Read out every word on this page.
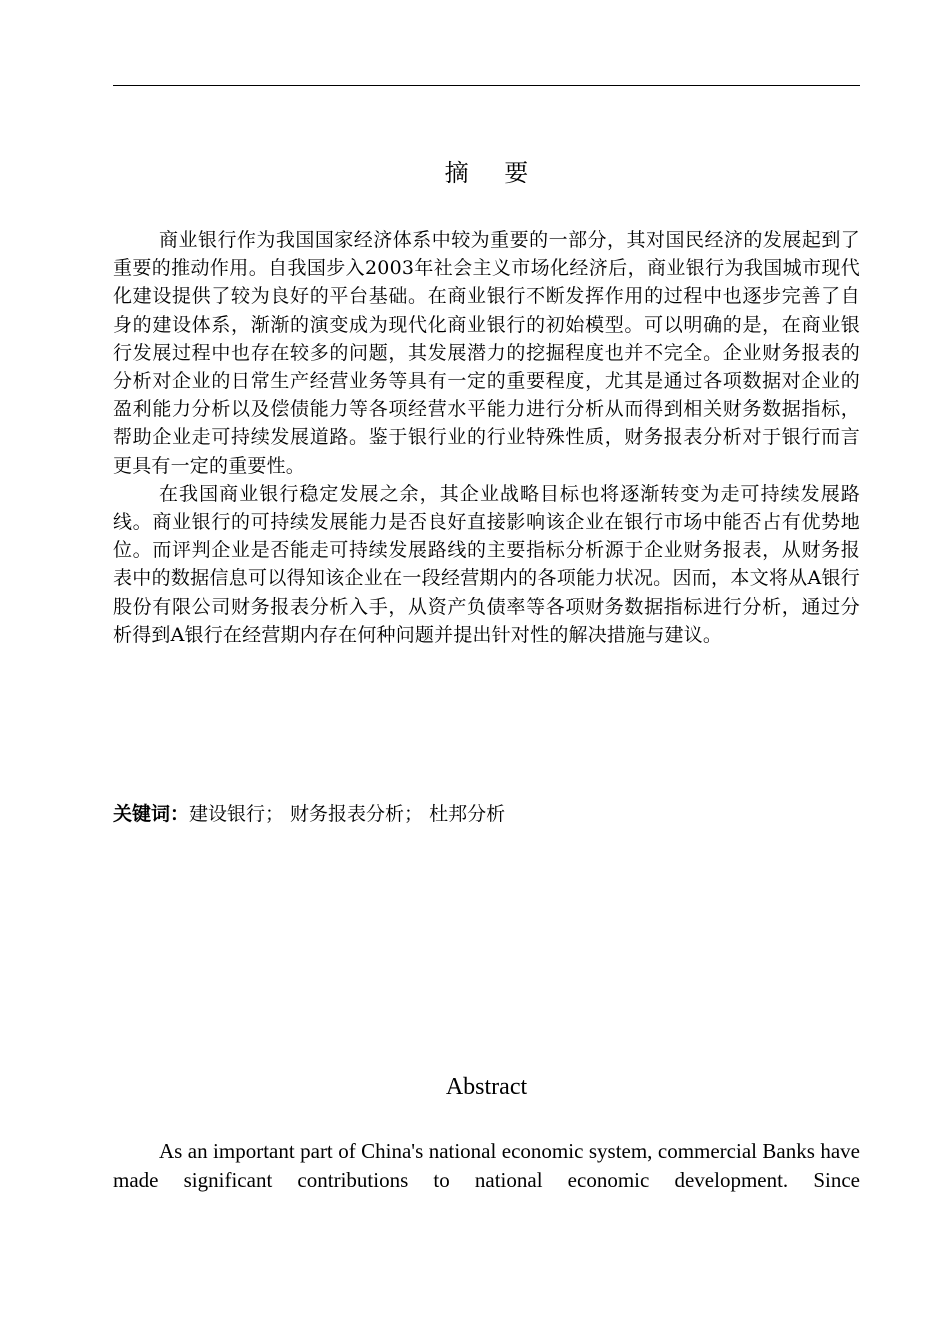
摘 要

商业银行作为我国国家经济体系中较为重要的一部分，其对国民经济的发展起到了重要的推动作用。自我国步入2003年社会主义市场化经济后，商业银行为我国城市现代化建设提供了较为良好的平台基础。在商业银行不断发挥作用的过程中也逐步完善了自身的建设体系，渐渐的演变成为现代化商业银行的初始模型。可以明确的是，在商业银行发展过程中也存在较多的问题，其发展潜力的挖掘程度也并不完全。企业财务报表的分析对企业的日常生产经营业务等具有一定的重要程度，尤其是通过各项数据对企业的盈利能力分析以及偿债能力等各项经营水平能力进行分析从而得到相关财务数据指标，帮助企业走可持续发展道路。鉴于银行业的行业特殊性质，财务报表分析对于银行而言更具有一定的重要性。

在我国商业银行稳定发展之余，其企业战略目标也将逐渐转变为走可持续发展路线。商业银行的可持续发展能力是否良好直接影响该企业在银行市场中能否占有优势地位。而评判企业是否能走可持续发展路线的主要指标分析源于企业财务报表，从财务报表中的数据信息可以得知该企业在一段经营期内的各项能力状况。因而，本文将从A银行股份有限公司财务报表分析入手，从资产负债率等各项财务数据指标进行分析，通过分析得到A银行在经营期内存在何种问题并提出针对性的解决措施与建议。

关键词：建设银行； 财务报表分析； 杜邦分析
Abstract

As an important part of China's national economic system, commercial Banks have made significant contributions to national economic development. Since
